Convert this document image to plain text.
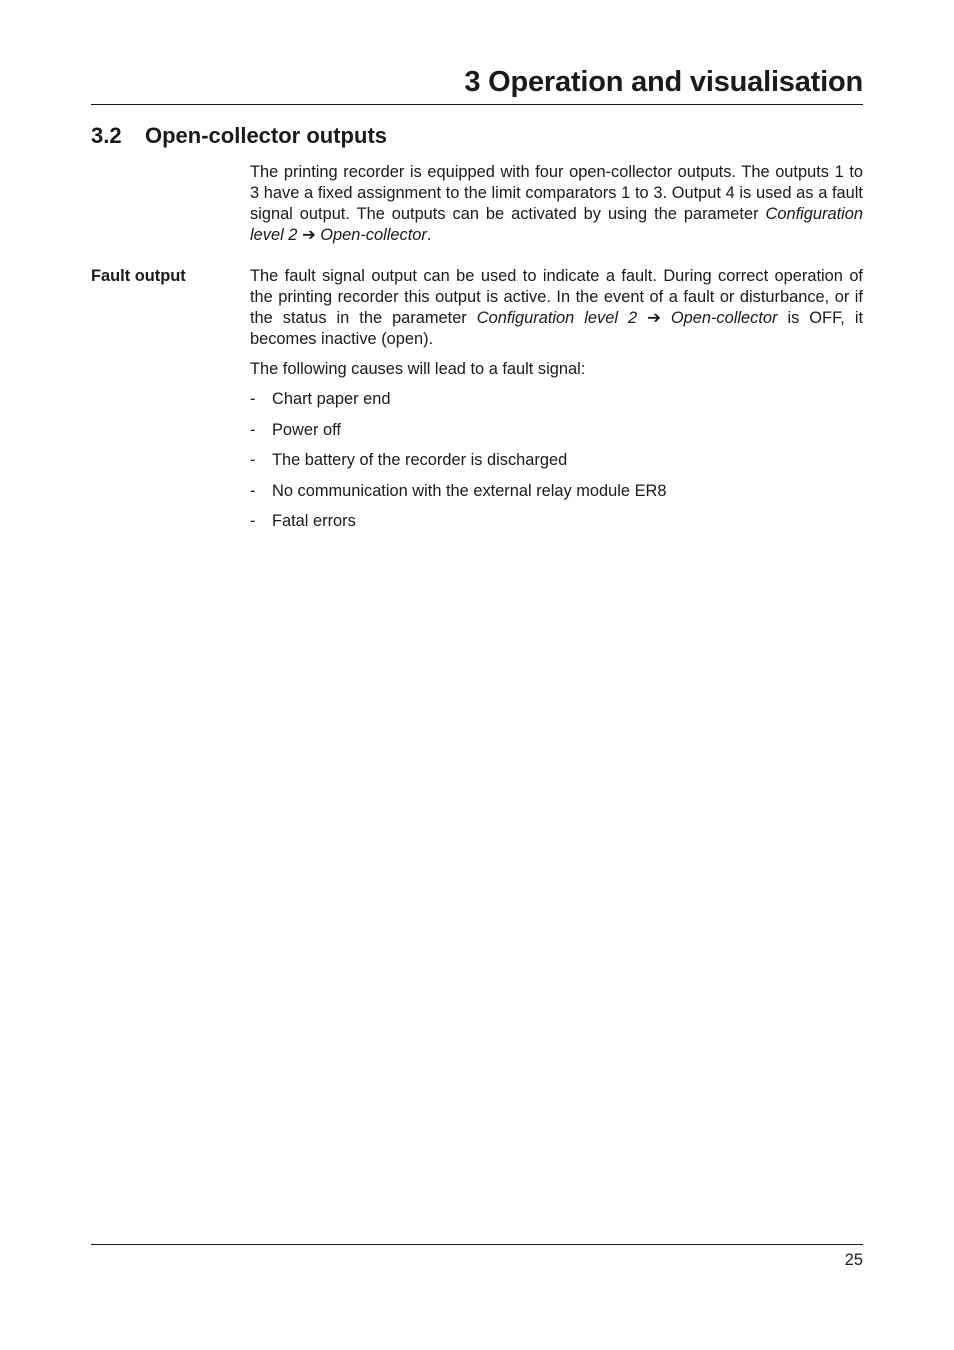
3 Operation and visualisation
3.2 Open-collector outputs

The printing recorder is equipped with four open-collector outputs. The outputs 1 to 3 have a fixed assignment to the limit comparators 1 to 3. Output 4 is used as a fault signal output. The outputs can be activated by using the parameter Configuration level 2 ➔ Open-collector.

Fault output	The fault signal output can be used to indicate a fault. During correct operation of the printing recorder this output is active. In the event of a fault or disturbance, or if the status in the parameter Configuration level 2 ➔ Open-collector is OFF, it becomes inactive (open).

The following causes will lead to a fault signal:

-	Chart paper end
-	Power off
-	The battery of the recorder is discharged
-	No communication with the external relay module ER8
-	Fatal errors
25
